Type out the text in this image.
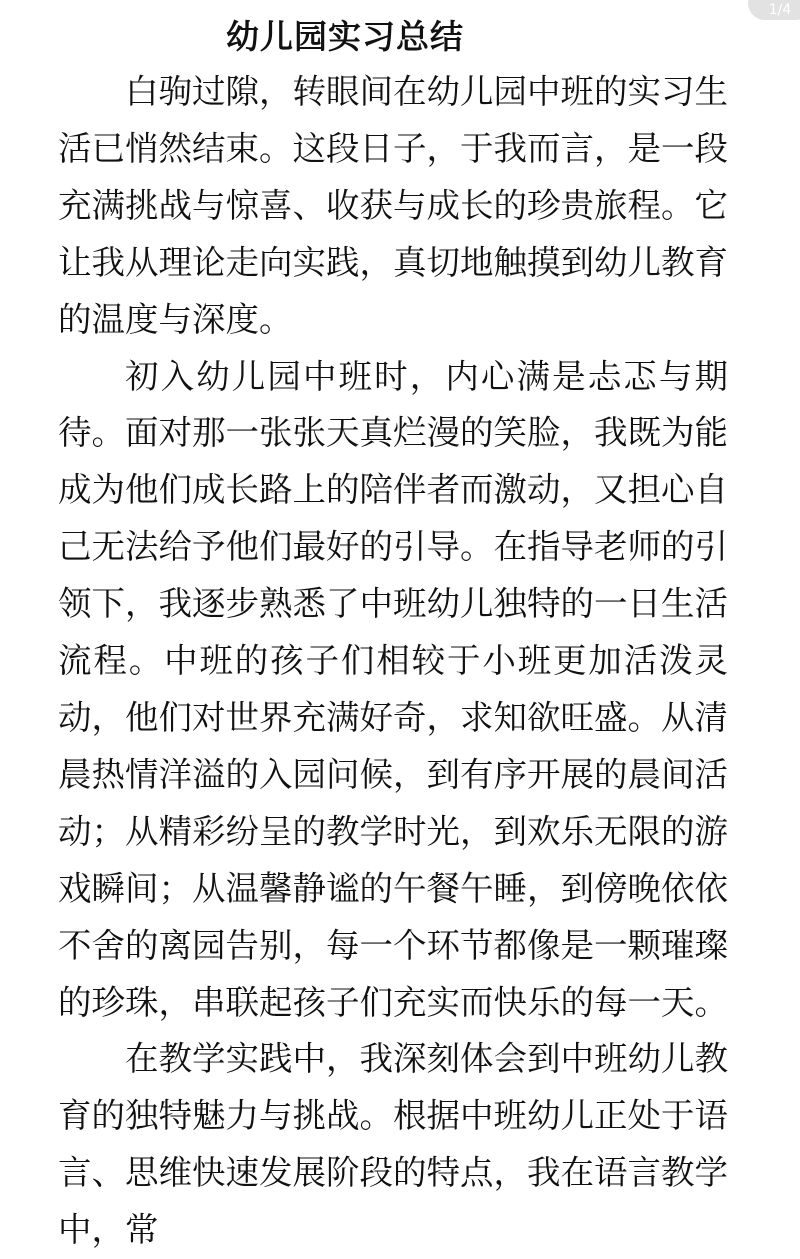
1/4
幼儿园实习总结

白驹过隙，转眼间在幼儿园中班的实习生活已悄然结束。这段日子，于我而言，是一段充满挑战与惊喜、收获与成长的珍贵旅程。它让我从理论走向实践，真切地触摸到幼儿教育的温度与深度。

初入幼儿园中班时，内心满是忐忑与期待。面对那一张张天真烂漫的笑脸，我既为能成为他们成长路上的陪伴者而激动，又担心自己无法给予他们最好的引导。在指导老师的引领下，我逐步熟悉了中班幼儿独特的一日生活流程。中班的孩子们相较于小班更加活泼灵动，他们对世界充满好奇，求知欲旺盛。从清晨热情洋溢的入园问候，到有序开展的晨间活动；从精彩纷呈的教学时光，到欢乐无限的游戏瞬间；从温馨静谧的午餐午睡，到傍晚依依不舍的离园告别，每一个环节都像是一颗璀璨的珍珠，串联起孩子们充实而快乐的每一天。

在教学实践中，我深刻体会到中班幼儿教育的独特魅力与挑战。根据中班幼儿正处于语言、思维快速发展阶段的特点，我在语言教学中，常
